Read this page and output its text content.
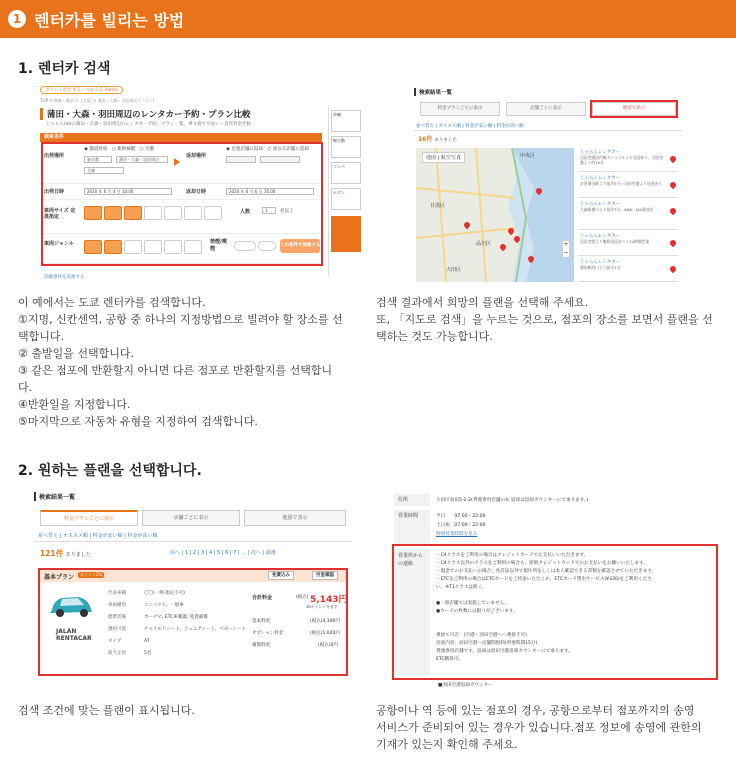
1 렌터카를 빌리는 방법
1. 렌터카 검색
ポイントがたまる・つかえる Ponta
TOP > 関東・東京 > 大田区 > 蒲田・大森・羽田周辺 (プラン)
蒲田・大森・羽田周辺のレンタカー予約・プラン比較
じゃらんnetの蒲田・大森・羽田周辺のレンタカー予約、プラン一覧、乗り捨てや安い・直営料金比較
検索条件
出発場所
◉ 都道府県　○ 新幹線駅　○ 空港
東京都	蒲田・大森・羽田周辺
全域
返却場所
◉ 出発店舗に返却　○ 異なる店舗に返却
出発日時	2020 年 6 月 4 日 10:00	返却日時	2020 年 6 月 6 日 10:00
車両サイズ 定員指定
人数	1	名以上
車両ジャンル	禁煙/喫煙
この条件で検索する
詳細条件を追加する
沖縄
軽自動
コンパ
セダン
検索結果一覧
料金プランごとに表示	店舗ごとに表示	地図で表示
並べ替え | オススメ順 | 料金が安い順 | 料金が高い順
16件 ありました
地図 | 航空写真
目黒区
品川区
大田区
中央区
+
−
じゃらんレンタカー
羽田空港国内線ターミナルより送迎あり、羽田空港より約10分
じゃらんレンタカー
京急蒲田駅より徒歩5分 / 羽田空港より送迎あり
じゃらんレンタカー
大森駅東口より徒歩3分、ANA・JAL便対応
じゃらんレンタカー
羽田空港より無料送迎あり / 24時間営業
じゃらんレンタカー
蒲田駅西口より徒歩2分
이 예에서는 도쿄 렌터카를 검색합니다.
①지명, 신칸센역, 공항 중 하나의 지정방법으로 빌려야 할 장소를 선
택합니다.
② 출발일을 선택합니다.
③ 같은 점포에 반환할지 아니면 다른 점포로 반환할지를 선택합니
다.
④반환일을 지정합니다.
⑤마지막으로 자동차 유형을 지정하여 검색합니다.
검색 결과에서 희망의 플랜을 선택해 주세요.
또, 「지도로 검색」을 누르는 것으로, 점포의 장소를 보면서 플랜을 선
택하는 것도 가능합니다.
2. 원하는 플랜을 선택합니다.
検索結果一覧
料金プランごとに表示	店舗ごとに表示	地図で表示
並べ替え | オススメ順 | 料金が安い順 | 料金が高い順
121件 ありました	前へ | 1 | 2 | 3 | 4 | 5 | 6 | 7 | … | 次へ | 最後
基本プラン	ポイント2%	免責込み	空室確認
JALAN
RENTACAR
代表車種	〇〇(一例 指定不可)
車両種別	コンパクト、一般車
標準装備	カーナビ, ETC車載器, 免責補償
選択可能	チャイルドシート、ジュニアシート、ベビーシート
タイプ	AT
最大定員	5名
合計料金	(税込) 5,143円
10ポイント分まで
基本料金	(税込)4,100円
オプション料金	(税込)1,043円
補償料金	(税込)0円
住所	大田区羽田5-2-2(貸渡専用店舗のあ 返却は返却カウンターにて承ります。)
営業時間	平日　　07:00 - 22:00
土日祝　07:00 - 22:00
特別営業時間を見る
営業所から
の連絡
・C4クラスをご利用の場合はクレジットカードでお支払いいただきます。
・C4クラス以外のクラスをご利用の場合も、原則クレジットカードでのお支払いをお願いいたします。
・現金でのお支払いの場合、免許証以外で現住所をしくは本人確認できる書類を確認させていただきます。
・ETCをご利用の場合はETCカードをご持参いただくか、ETCカード貸出サービス(¥330)をご利用くださ
い。※T1クラスは除く。
●一部店舗では実施していません。
●カードの枚数には限りがございます。
乗捨て可否：(空港・羽田空港へへ乗捨不可)
送迎内容：羽田空港〜店舗間無料(所要時間15分)
貸渡専用店舗です。返却は羽田空港返却カウンターにて承ります。
ETC精算可。
■羽田空港返却カウンター
검색 조건에 맞는 플랜이 표시됩니다.	공항이나 역 등에 있는 점포의 경우, 공항으로부터 점포까지의 송영
서비스가 준비되어 있는 경우가 있습니다.점포 정보에 송영에 관한의
기재가 있는지 확인해 주세요.
